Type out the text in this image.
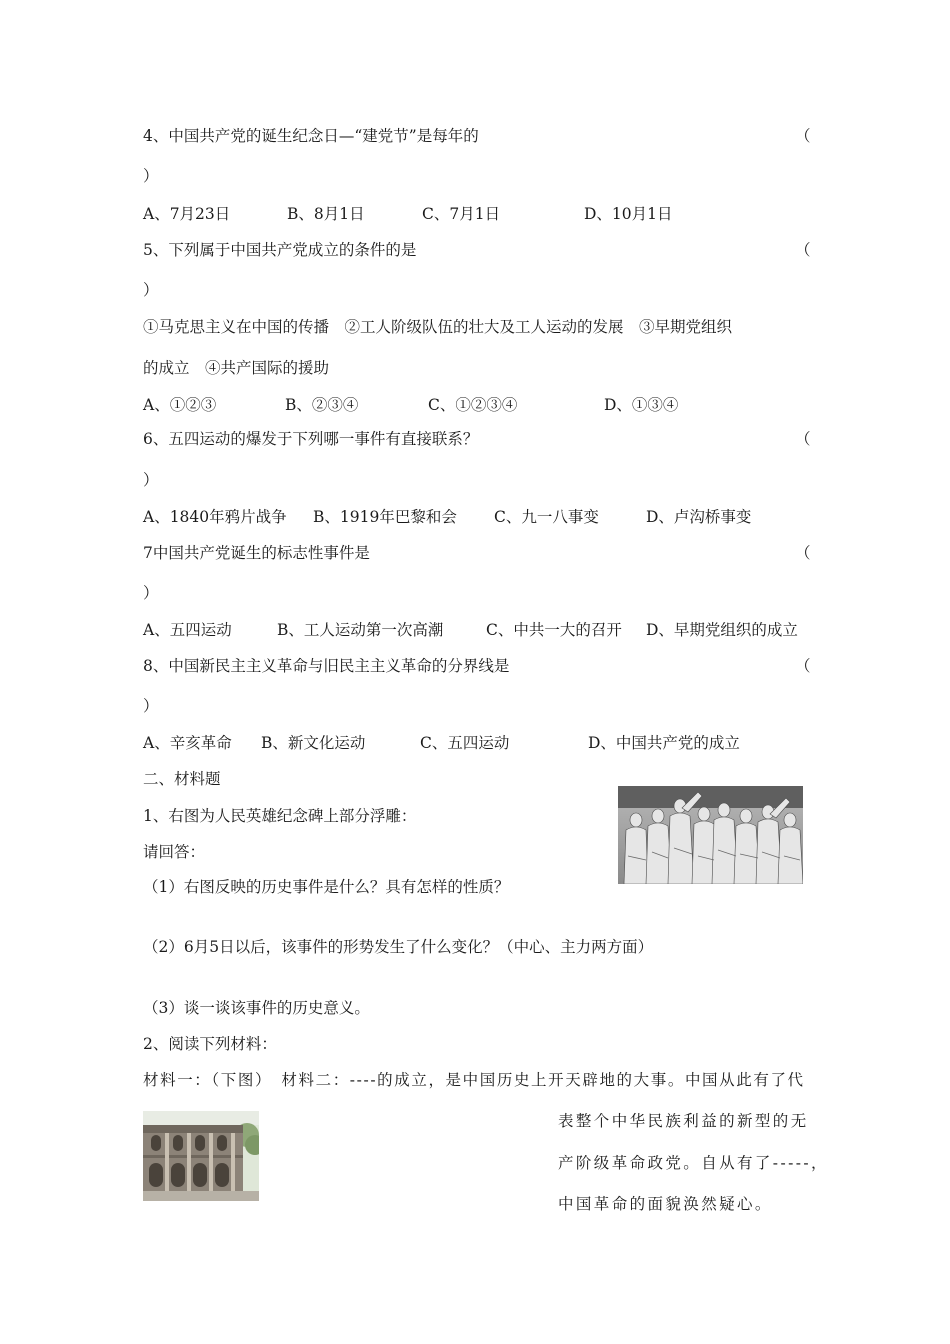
4、中国共产党的诞生纪念日—“建党节”是每年的	（
）
A、7月23日	B、8月1日	C、7月1日	D、10月1日
5、下列属于中国共产党成立的条件的是	（
）
①马克思主义在中国的传播　②工人阶级队伍的壮大及工人运动的发展　③早期党组织
的成立　④共产国际的援助
A、①②③	B、②③④	C、①②③④	D、①③④
6、五四运动的爆发于下列哪一事件有直接联系？	（
）
A、1840年鸦片战争 B、1919年巴黎和会 C、九一八事变	D、卢沟桥事变
7中国共产党诞生的标志性事件是	（
）
A、五四运动	B、工人运动第一次高潮	C、中共一大的召开 D、早期党组织的成立
8、中国新民主主义革命与旧民主主义革命的分界线是	（
）
A、辛亥革命 B、新文化运动	C、五四运动	D、中国共产党的成立
二、材料题
1、右图为人民英雄纪念碑上部分浮雕：
请回答：
（1）右图反映的历史事件是什么？具有怎样的性质？
（2）6月5日以后，该事件的形势发生了什么变化？（中心、主力两方面）
（3）谈一谈该事件的历史意义。
2、阅读下列材料：
材料一：（下图）　材料二：----的成立，是中国历史上开天辟地的大事。中国从此有了代
表整个中华民族利益的新型的无
产阶级革命政党。自从有了-----，
中国革命的面貌涣然疑心。
